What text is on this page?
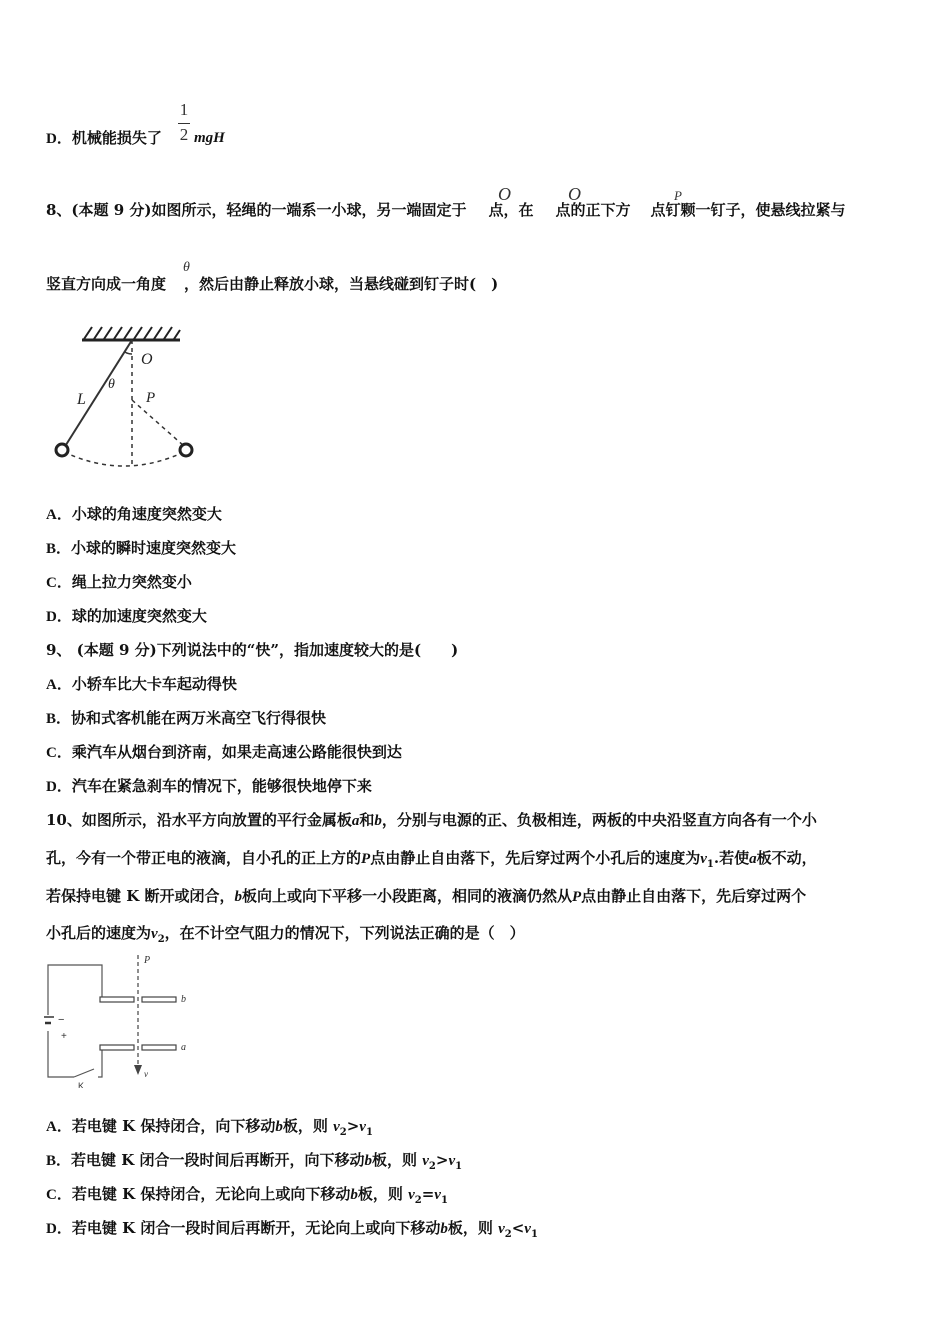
D．机械能损失了
1
2 mgH
8、(本题 9 分)如图所示，轻绳的一端系一小球，另一端固定于 点，在 点的正下方 点钉颗一钉子，使悬线拉紧与
O	O	P
竖直方向成一角度 ，然后由静止释放小球，当悬线碰到钉子时(　)
θ
O
θ
L	P
A．小球的角速度突然变大
B．小球的瞬时速度突然变大
C．绳上拉力突然变小
D．球的加速度突然变大
9、 (本题 9 分)下列说法中的“快”，指加速度较大的是(　　)
A．小轿车比大卡车起动得快
B．协和式客机能在两万米高空飞行得很快
C．乘汽车从烟台到济南，如果走高速公路能很快到达
D．汽车在紧急刹车的情况下，能够很快地停下来
10、如图所示，沿水平方向放置的平行金属板a和b，分别与电源的正、负极相连，两板的中央沿竖直方向各有一个小
孔，今有一个带正电的液滴，自小孔的正上方的P点由静止自由落下，先后穿过两个小孔后的速度为$v_1$.若使a板不动，
若保持电键 K 断开或闭合，b板向上或向下平移一小段距离，相同的液滴仍然从P点由静止自由落下，先后穿过两个
小孔后的速度为$v_2$，在不计空气阻力的情况下，下列说法正确的是（　）
P
b
a
−
+
K
v
A．若电键 K 保持闭合，向下移动b板，则 $v_2>v_1$
B．若电键 K 闭合一段时间后再断开，向下移动b板，则 $v_2>v_1$
C．若电键 K 保持闭合，无论向上或向下移动b板，则 $v_2=v_1$
D．若电键 K 闭合一段时间后再断开，无论向上或向下移动b板，则 $v_2<v_1$
